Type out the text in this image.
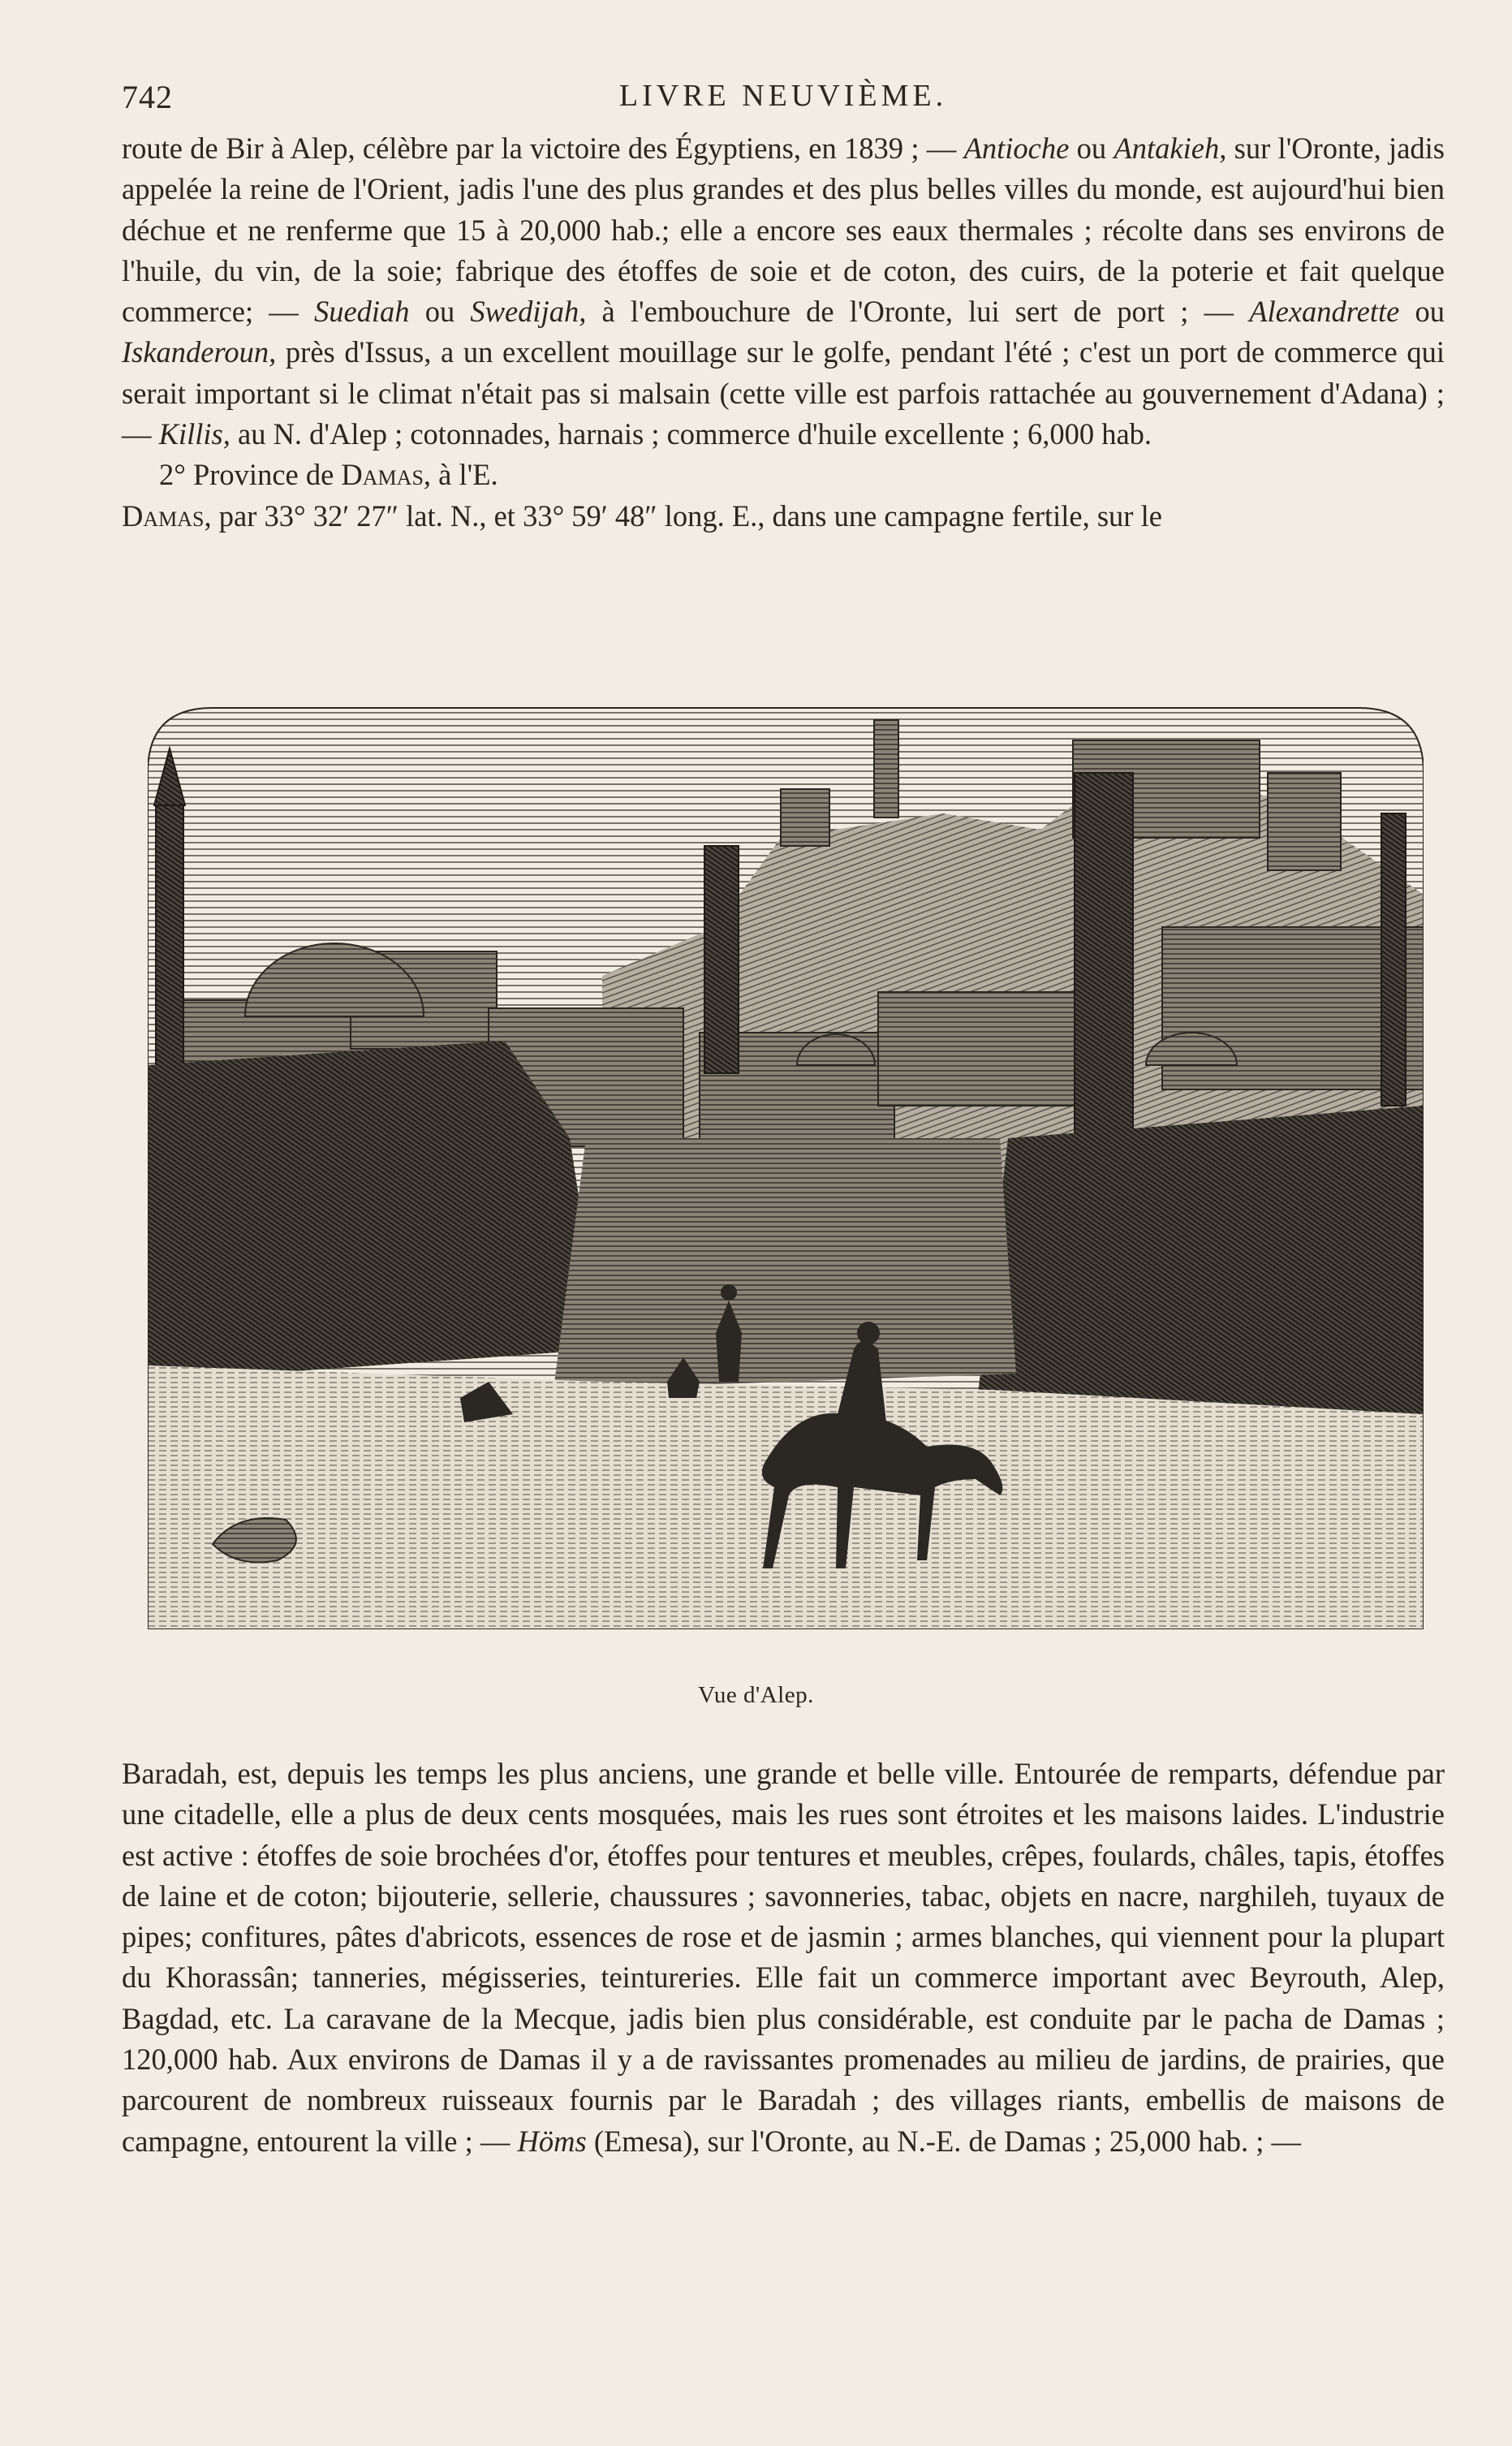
742	LIVRE NEUVIÈME.

route de Bir à Alep, célèbre par la victoire des Égyptiens, en 1839 ; — Antioche ou Antakieh, sur l'Oronte, jadis appelée la reine de l'Orient, jadis l'une des plus grandes et des plus belles villes du monde, est aujourd'hui bien déchue et ne renferme que 15 à 20,000 hab.; elle a encore ses eaux thermales ; récolte dans ses environs de l'huile, du vin, de la soie; fabrique des étoffes de soie et de coton, des cuirs, de la poterie et fait quelque commerce; — Suediah ou Swedijah, à l'embouchure de l'Oronte, lui sert de port ; — Alexandrette ou Iskanderoun, près d'Issus, a un excellent mouillage sur le golfe, pendant l'été ; c'est un port de commerce qui serait important si le climat n'était pas si malsain (cette ville est parfois rattachée au gouvernement d'Adana) ; — Killis, au N. d'Alep ; cotonnades, harnais ; commerce d'huile excellente ; 6,000 hab.

2° Province de Damas, à l'E.

Damas, par 33° 32′ 27″ lat. N., et 33° 59′ 48″ long. E., dans une campagne fertile, sur le

Vue d'Alep.

Baradah, est, depuis les temps les plus anciens, une grande et belle ville. Entourée de remparts, défendue par une citadelle, elle a plus de deux cents mosquées, mais les rues sont étroites et les maisons laides. L'industrie est active : étoffes de soie brochées d'or, étoffes pour tentures et meubles, crêpes, foulards, châles, tapis, étoffes de laine et de coton; bijouterie, sellerie, chaussures ; savonneries, tabac, objets en nacre, narghileh, tuyaux de pipes; confitures, pâtes d'abricots, essences de rose et de jasmin ; armes blanches, qui viennent pour la plupart du Khorassân; tanneries, mégisseries, teintureries. Elle fait un commerce important avec Beyrouth, Alep, Bagdad, etc. La caravane de la Mecque, jadis bien plus considérable, est conduite par le pacha de Damas ; 120,000 hab. Aux environs de Damas il y a de ravissantes promenades au milieu de jardins, de prairies, que parcourent de nombreux ruisseaux fournis par le Baradah ; des villages riants, embellis de maisons de campagne, entourent la ville ; — Höms (Emesa), sur l'Oronte, au N.-E. de Damas ; 25,000 hab. ; —
